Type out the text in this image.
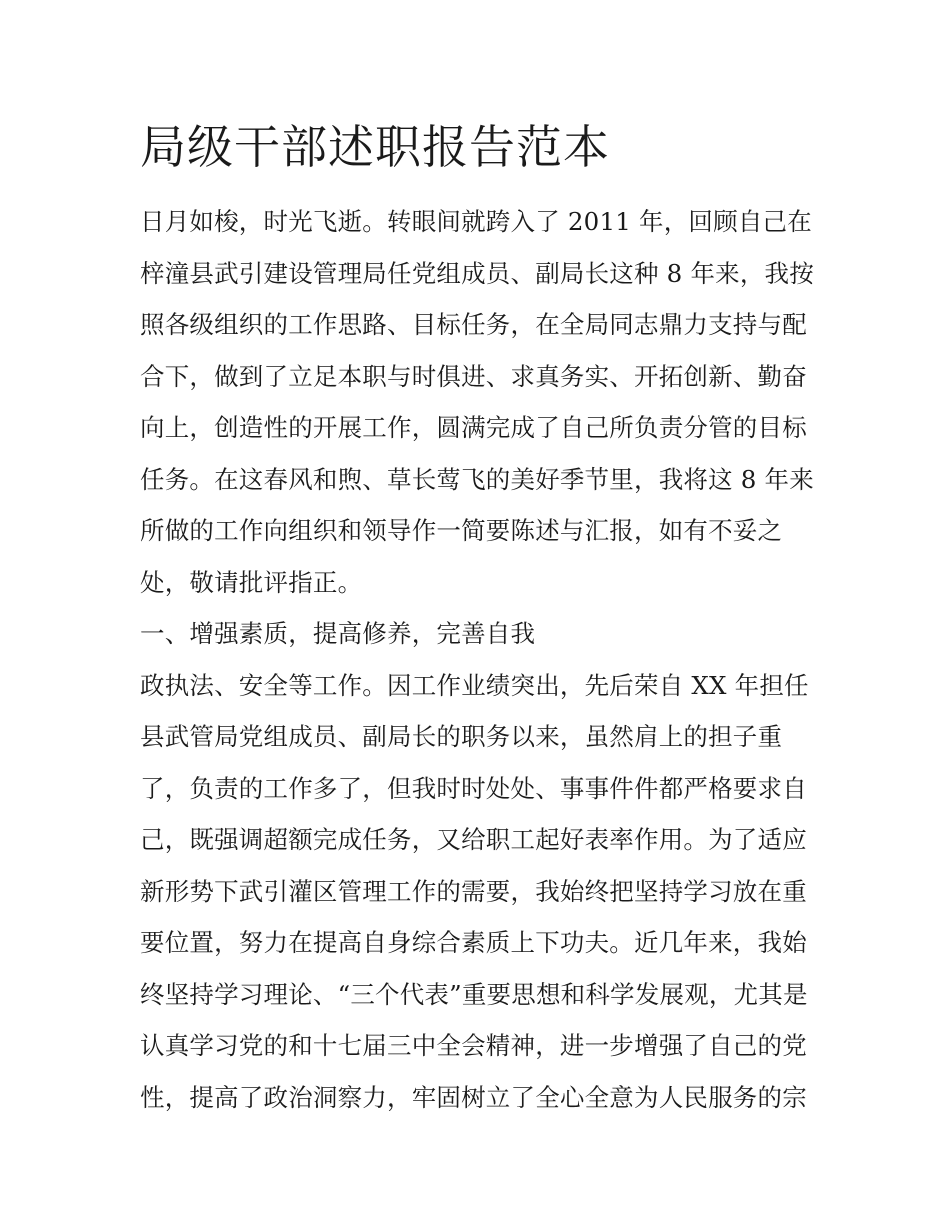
局级干部述职报告范本
日月如梭，时光飞逝。转眼间就跨入了 2011 年，回顾自己在
梓潼县武引建设管理局任党组成员、副局长这种 8 年来，我按
照各级组织的工作思路、目标任务，在全局同志鼎力支持与配
合下，做到了立足本职与时俱进、求真务实、开拓创新、勤奋
向上，创造性的开展工作，圆满完成了自己所负责分管的目标
任务。在这春风和煦、草长莺飞的美好季节里，我将这 8 年来
所做的工作向组织和领导作一简要陈述与汇报，如有不妥之
处，敬请批评指正。
一、增强素质，提高修养，完善自我
政执法、安全等工作。因工作业绩突出，先后荣自 XX 年担任
县武管局党组成员、副局长的职务以来，虽然肩上的担子重
了，负责的工作多了，但我时时处处、事事件件都严格要求自
己，既强调超额完成任务，又给职工起好表率作用。为了适应
新形势下武引灌区管理工作的需要，我始终把坚持学习放在重
要位置，努力在提高自身综合素质上下功夫。近几年来，我始
终坚持学习理论、“三个代表”重要思想和科学发展观，尤其是
认真学习党的和十七届三中全会精神，进一步增强了自己的党
性，提高了政治洞察力，牢固树立了全心全意为人民服务的宗
